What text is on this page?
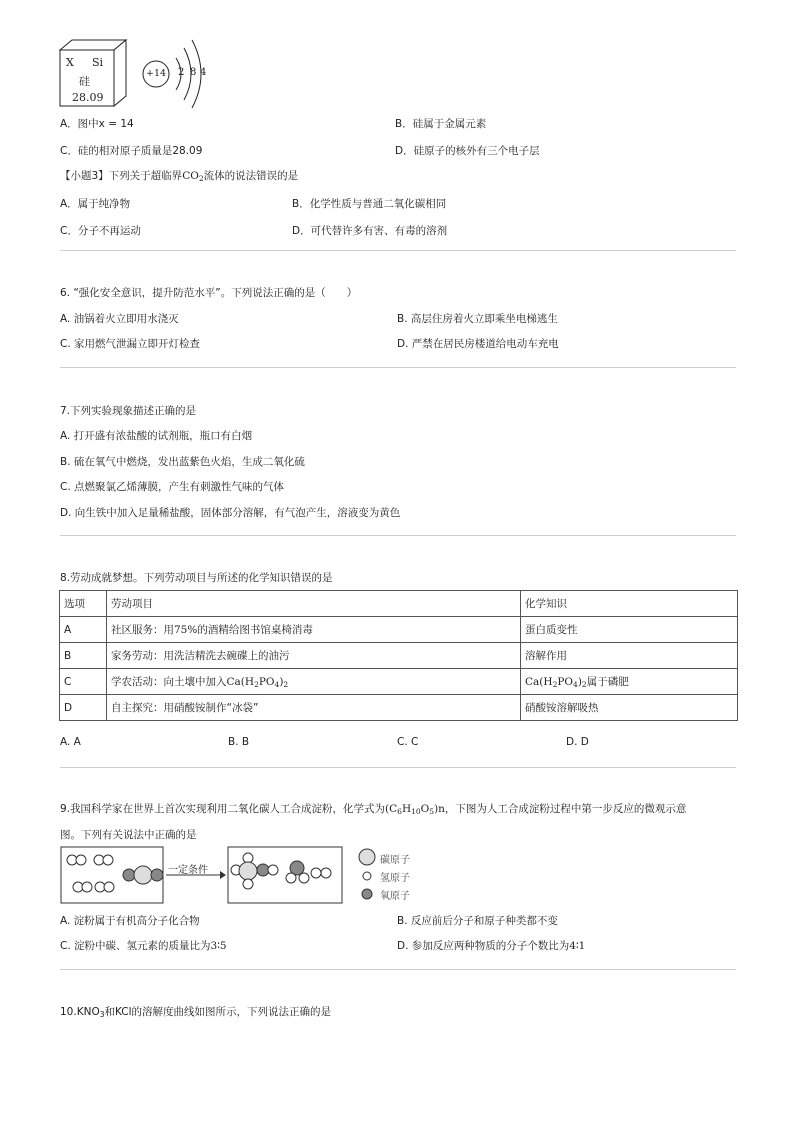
X Si
硅
28.09
+14 2 8 4
A．图中x = 14	B．硅属于金属元素
C．硅的相对原子质量是28.09	D．硅原子的核外有三个电子层
【小题3】下列关于超临界$CO_2$流体的说法错误的是
A．属于纯净物	B．化学性质与普通二氧化碳相同
C．分子不再运动	D．可代替许多有害、有毒的溶剂
6. “强化安全意识，提升防范水平”。下列说法正确的是（　　）
A. 油锅着火立即用水浇灭	B. 高层住房着火立即乘坐电梯逃生
C. 家用燃气泄漏立即开灯检查	D. 严禁在居民房楼道给电动车充电
7.下列实验现象描述正确的是
A. 打开盛有浓盐酸的试剂瓶，瓶口有白烟
B. 硫在氧气中燃烧，发出蓝紫色火焰，生成二氧化硫
C. 点燃聚氯乙烯薄膜，产生有刺激性气味的气体
D. 向生铁中加入足量稀盐酸，固体部分溶解，有气泡产生，溶液变为黄色
8.劳动成就梦想。下列劳动项目与所述的化学知识错误的是
选项	劳动项目	化学知识
A	社区服务：用75%的酒精给图书馆桌椅消毒	蛋白质变性
B	家务劳动：用洗洁精洗去碗碟上的油污	溶解作用
C	学农活动：向土壤中加入$Ca(H_2PO_4)_2$	$Ca(H_2PO_4)_2$属于磷肥
D	自主探究：用硝酸铵制作“冰袋”	硝酸铵溶解吸热
A. A	B. B	C. C	D. D
9.我国科学家在世界上首次实现利用二氧化碳人工合成淀粉，化学式为$(C_6H_{10}O_5)n$，下图为人工合成淀粉过程中第一步反应的微观示意
图。下列有关说法中正确的是
一定条件
碳原子
氢原子
氧原子
A. 淀粉属于有机高分子化合物	B. 反应前后分子和原子种类都不变
C. 淀粉中碳、氢元素的质量比为3∶5	D. 参加反应两种物质的分子个数比为4∶1
$10.KNO_3$和KCl的溶解度曲线如图所示，下列说法正确的是
